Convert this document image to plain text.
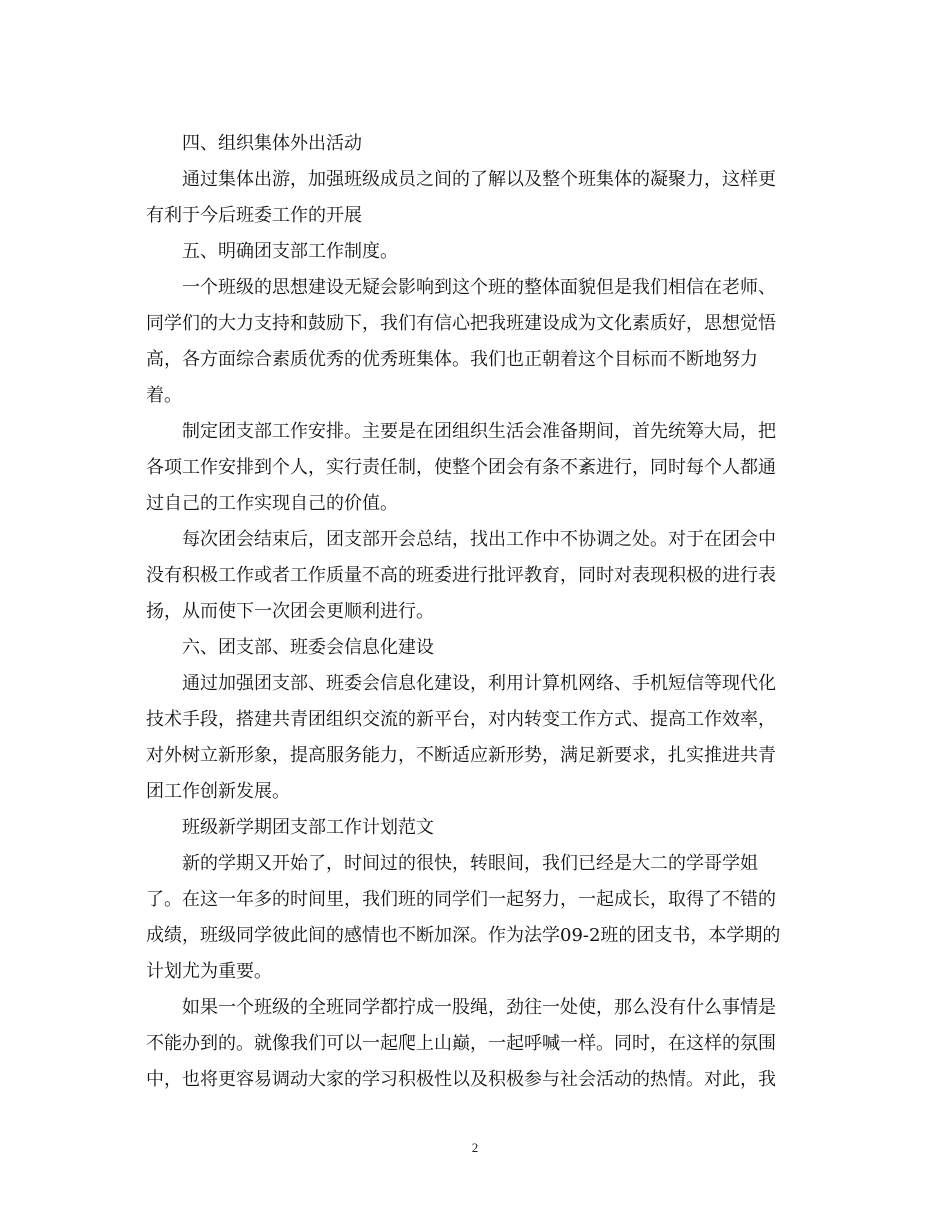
四、组织集体外出活动
通过集体出游，加强班级成员之间的了解以及整个班集体的凝聚力，这样更
有利于今后班委工作的开展
五、明确团支部工作制度。
一个班级的思想建设无疑会影响到这个班的整体面貌但是我们相信在老师、
同学们的大力支持和鼓励下，我们有信心把我班建设成为文化素质好，思想觉悟
高，各方面综合素质优秀的优秀班集体。我们也正朝着这个目标而不断地努力
着。
制定团支部工作安排。主要是在团组织生活会准备期间，首先统筹大局，把
各项工作安排到个人，实行责任制，使整个团会有条不紊进行，同时每个人都通
过自己的工作实现自己的价值。
每次团会结束后，团支部开会总结，找出工作中不协调之处。对于在团会中
没有积极工作或者工作质量不高的班委进行批评教育，同时对表现积极的进行表
扬，从而使下一次团会更顺利进行。
六、团支部、班委会信息化建设
通过加强团支部、班委会信息化建设，利用计算机网络、手机短信等现代化
技术手段，搭建共青团组织交流的新平台，对内转变工作方式、提高工作效率，
对外树立新形象，提高服务能力，不断适应新形势，满足新要求，扎实推进共青
团工作创新发展。
班级新学期团支部工作计划范文
新的学期又开始了，时间过的很快，转眼间，我们已经是大二的学哥学姐
了。在这一年多的时间里，我们班的同学们一起努力，一起成长，取得了不错的
成绩，班级同学彼此间的感情也不断加深。作为法学09-2班的团支书，本学期的
计划尤为重要。
如果一个班级的全班同学都拧成一股绳，劲往一处使，那么没有什么事情是
不能办到的。就像我们可以一起爬上山巅，一起呼喊一样。同时，在这样的氛围
中，也将更容易调动大家的学习积极性以及积极参与社会活动的热情。对此，我
2
